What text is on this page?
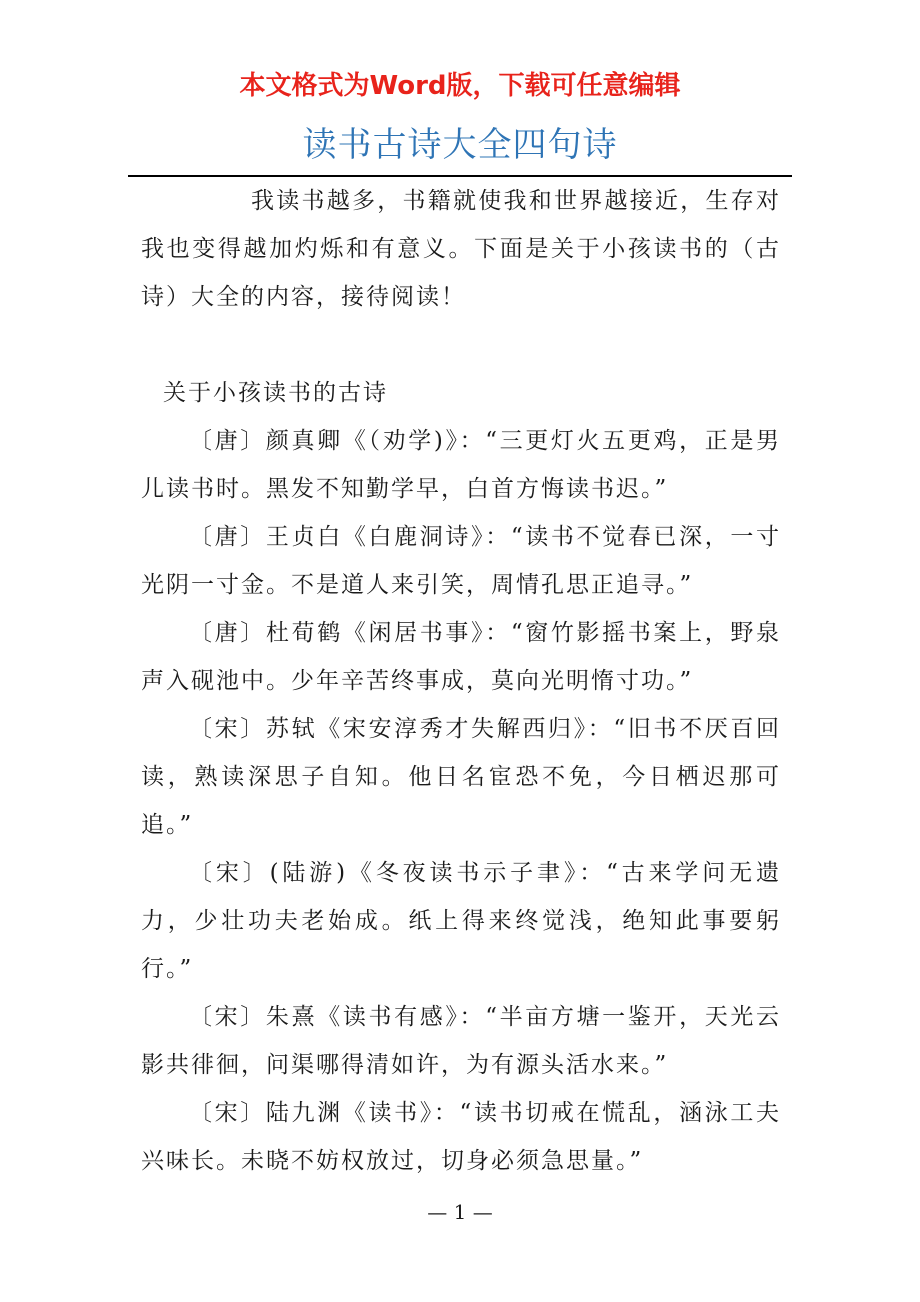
本文格式为Word版，下载可任意编辑
读书古诗大全四句诗

我读书越多，书籍就使我和世界越接近，生存对我也变得越加灼烁和有意义。下面是关于小孩读书的（古诗）大全的内容，接待阅读！

关于小孩读书的古诗

〔唐〕颜真卿《（劝学)》：“三更灯火五更鸡，正是男儿读书时。黑发不知勤学早，白首方悔读书迟。”

〔唐〕王贞白《白鹿洞诗》：“读书不觉春已深，一寸光阴一寸金。不是道人来引笑，周情孔思正追寻。”

〔唐〕杜荀鹤《闲居书事》：“窗竹影摇书案上，野泉声入砚池中。少年辛苦终事成，莫向光明惰寸功。”

〔宋〕苏轼《宋安淳秀才失解西归》：“旧书不厌百回读，熟读深思子自知。他日名宦恐不免，今日栖迟那可追。”

〔宋〕(陆游)《冬夜读书示子聿》：“古来学问无遗力，少壮功夫老始成。纸上得来终觉浅，绝知此事要躬行。”

〔宋〕朱熹《读书有感》：“半亩方塘一鉴开，天光云影共徘徊，问渠哪得清如许，为有源头活水来。”

〔宋〕陆九渊《读书》：“读书切戒在慌乱，涵泳工夫兴味长。未晓不妨权放过，切身必须急思量。”

— 1 —
